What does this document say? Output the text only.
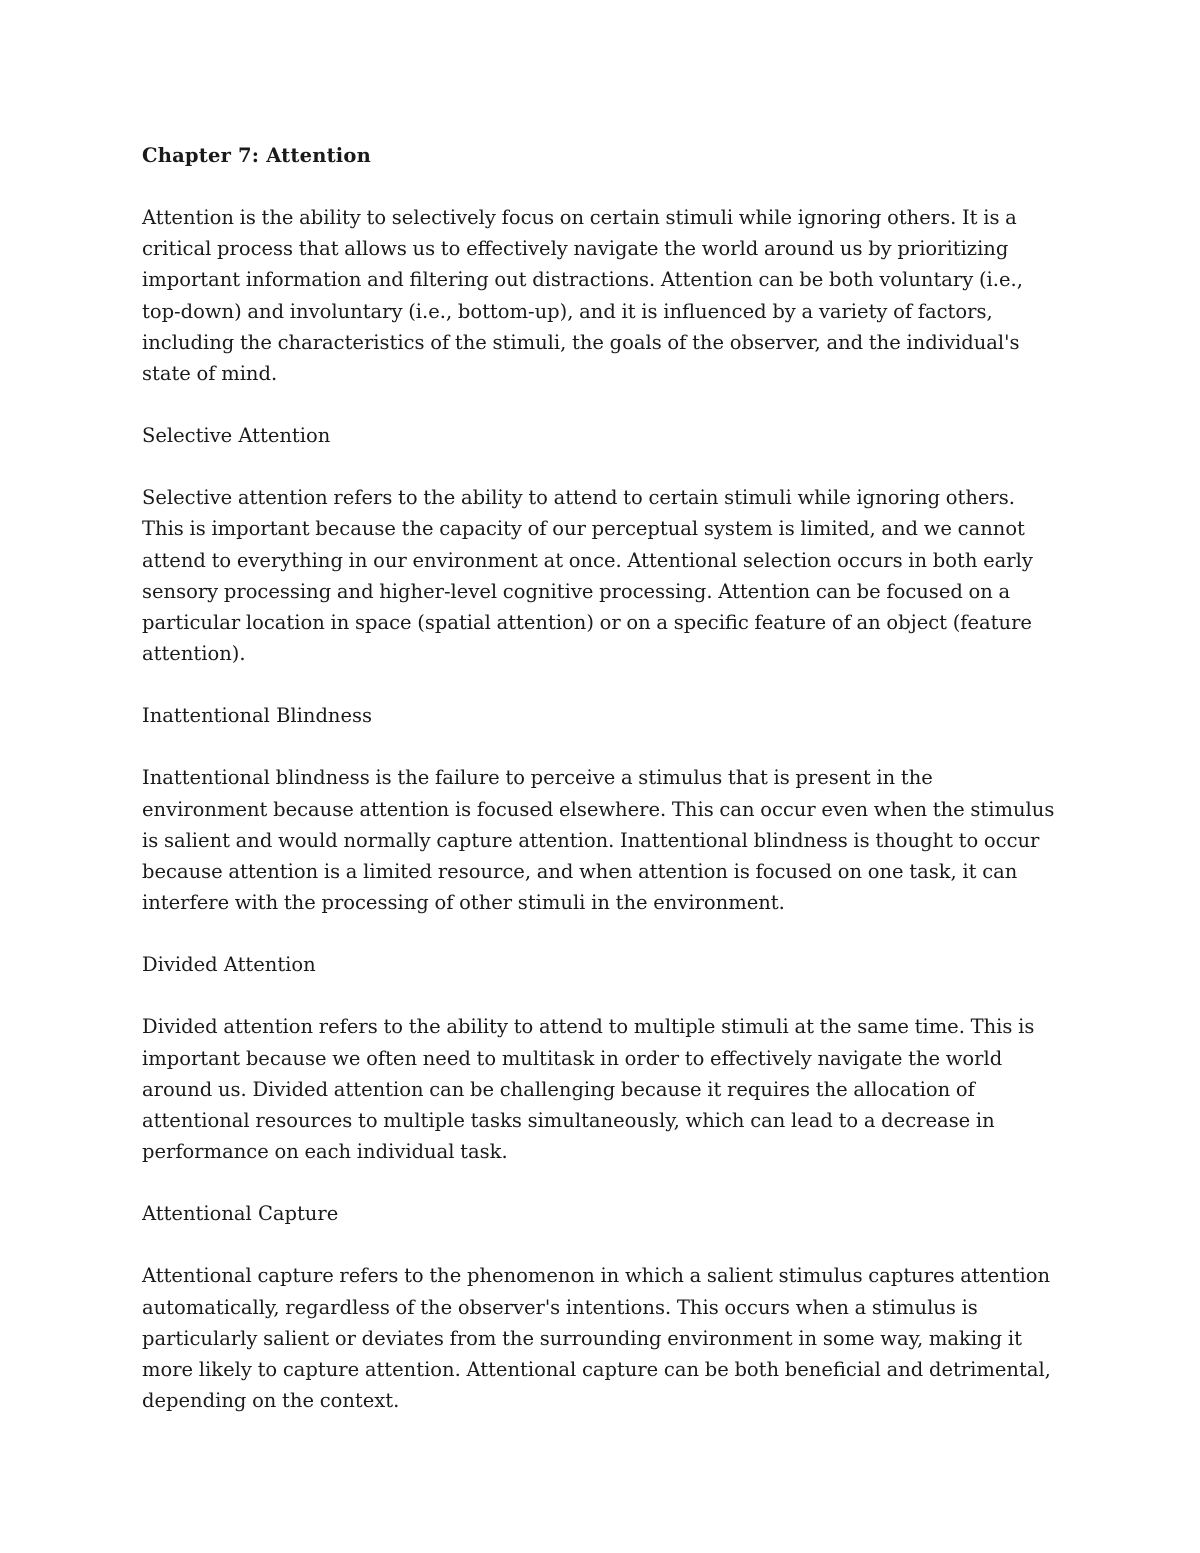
Chapter 7: Attention
Attention is the ability to selectively focus on certain stimuli while ignoring others. It is a critical process that allows us to effectively navigate the world around us by prioritizing important information and filtering out distractions. Attention can be both voluntary (i.e., top-down) and involuntary (i.e., bottom-up), and it is influenced by a variety of factors, including the characteristics of the stimuli, the goals of the observer, and the individual's state of mind.
Selective Attention
Selective attention refers to the ability to attend to certain stimuli while ignoring others. This is important because the capacity of our perceptual system is limited, and we cannot attend to everything in our environment at once. Attentional selection occurs in both early sensory processing and higher-level cognitive processing. Attention can be focused on a particular location in space (spatial attention) or on a specific feature of an object (feature attention).
Inattentional Blindness
Inattentional blindness is the failure to perceive a stimulus that is present in the environment because attention is focused elsewhere. This can occur even when the stimulus is salient and would normally capture attention. Inattentional blindness is thought to occur because attention is a limited resource, and when attention is focused on one task, it can interfere with the processing of other stimuli in the environment.
Divided Attention
Divided attention refers to the ability to attend to multiple stimuli at the same time. This is important because we often need to multitask in order to effectively navigate the world around us. Divided attention can be challenging because it requires the allocation of attentional resources to multiple tasks simultaneously, which can lead to a decrease in performance on each individual task.
Attentional Capture
Attentional capture refers to the phenomenon in which a salient stimulus captures attention automatically, regardless of the observer's intentions. This occurs when a stimulus is particularly salient or deviates from the surrounding environment in some way, making it more likely to capture attention. Attentional capture can be both beneficial and detrimental, depending on the context.
